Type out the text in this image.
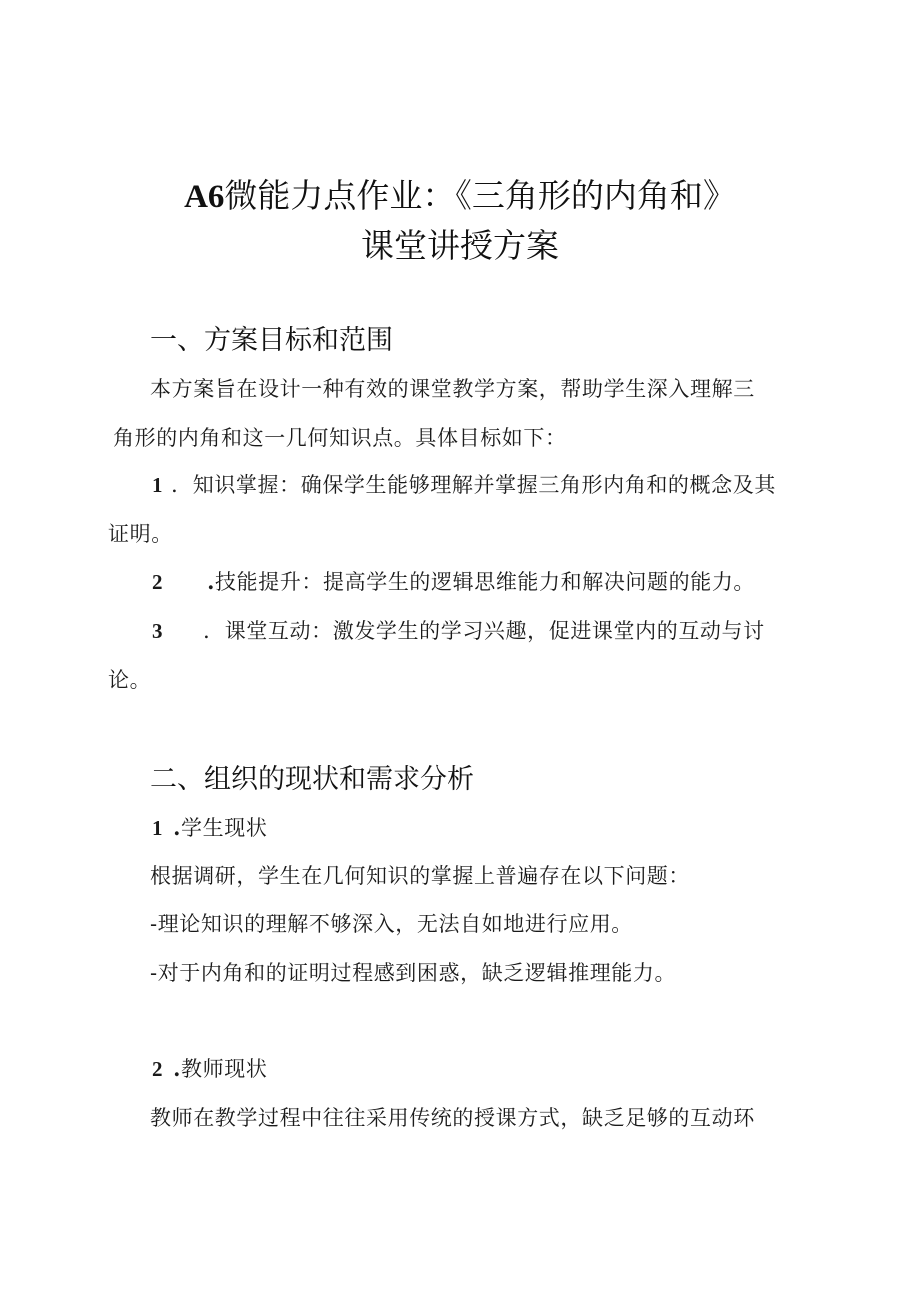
A6微能力点作业：《三角形的内角和》
课堂讲授方案
一、方案目标和范围
本方案旨在设计一种有效的课堂教学方案，帮助学生深入理解三
角形的内角和这一几何知识点。具体目标如下：
1 ．知识掌握：确保学生能够理解并掌握三角形内角和的概念及其
证明。
2 .技能提升：提高学生的逻辑思维能力和解决问题的能力。
3 ．课堂互动：激发学生的学习兴趣，促进课堂内的互动与讨
论。
二、组织的现状和需求分析
1 .学生现状
根据调研，学生在几何知识的掌握上普遍存在以下问题：
-理论知识的理解不够深入，无法自如地进行应用。
-对于内角和的证明过程感到困惑，缺乏逻辑推理能力。
2 .教师现状
教师在教学过程中往往采用传统的授课方式，缺乏足够的互动环
